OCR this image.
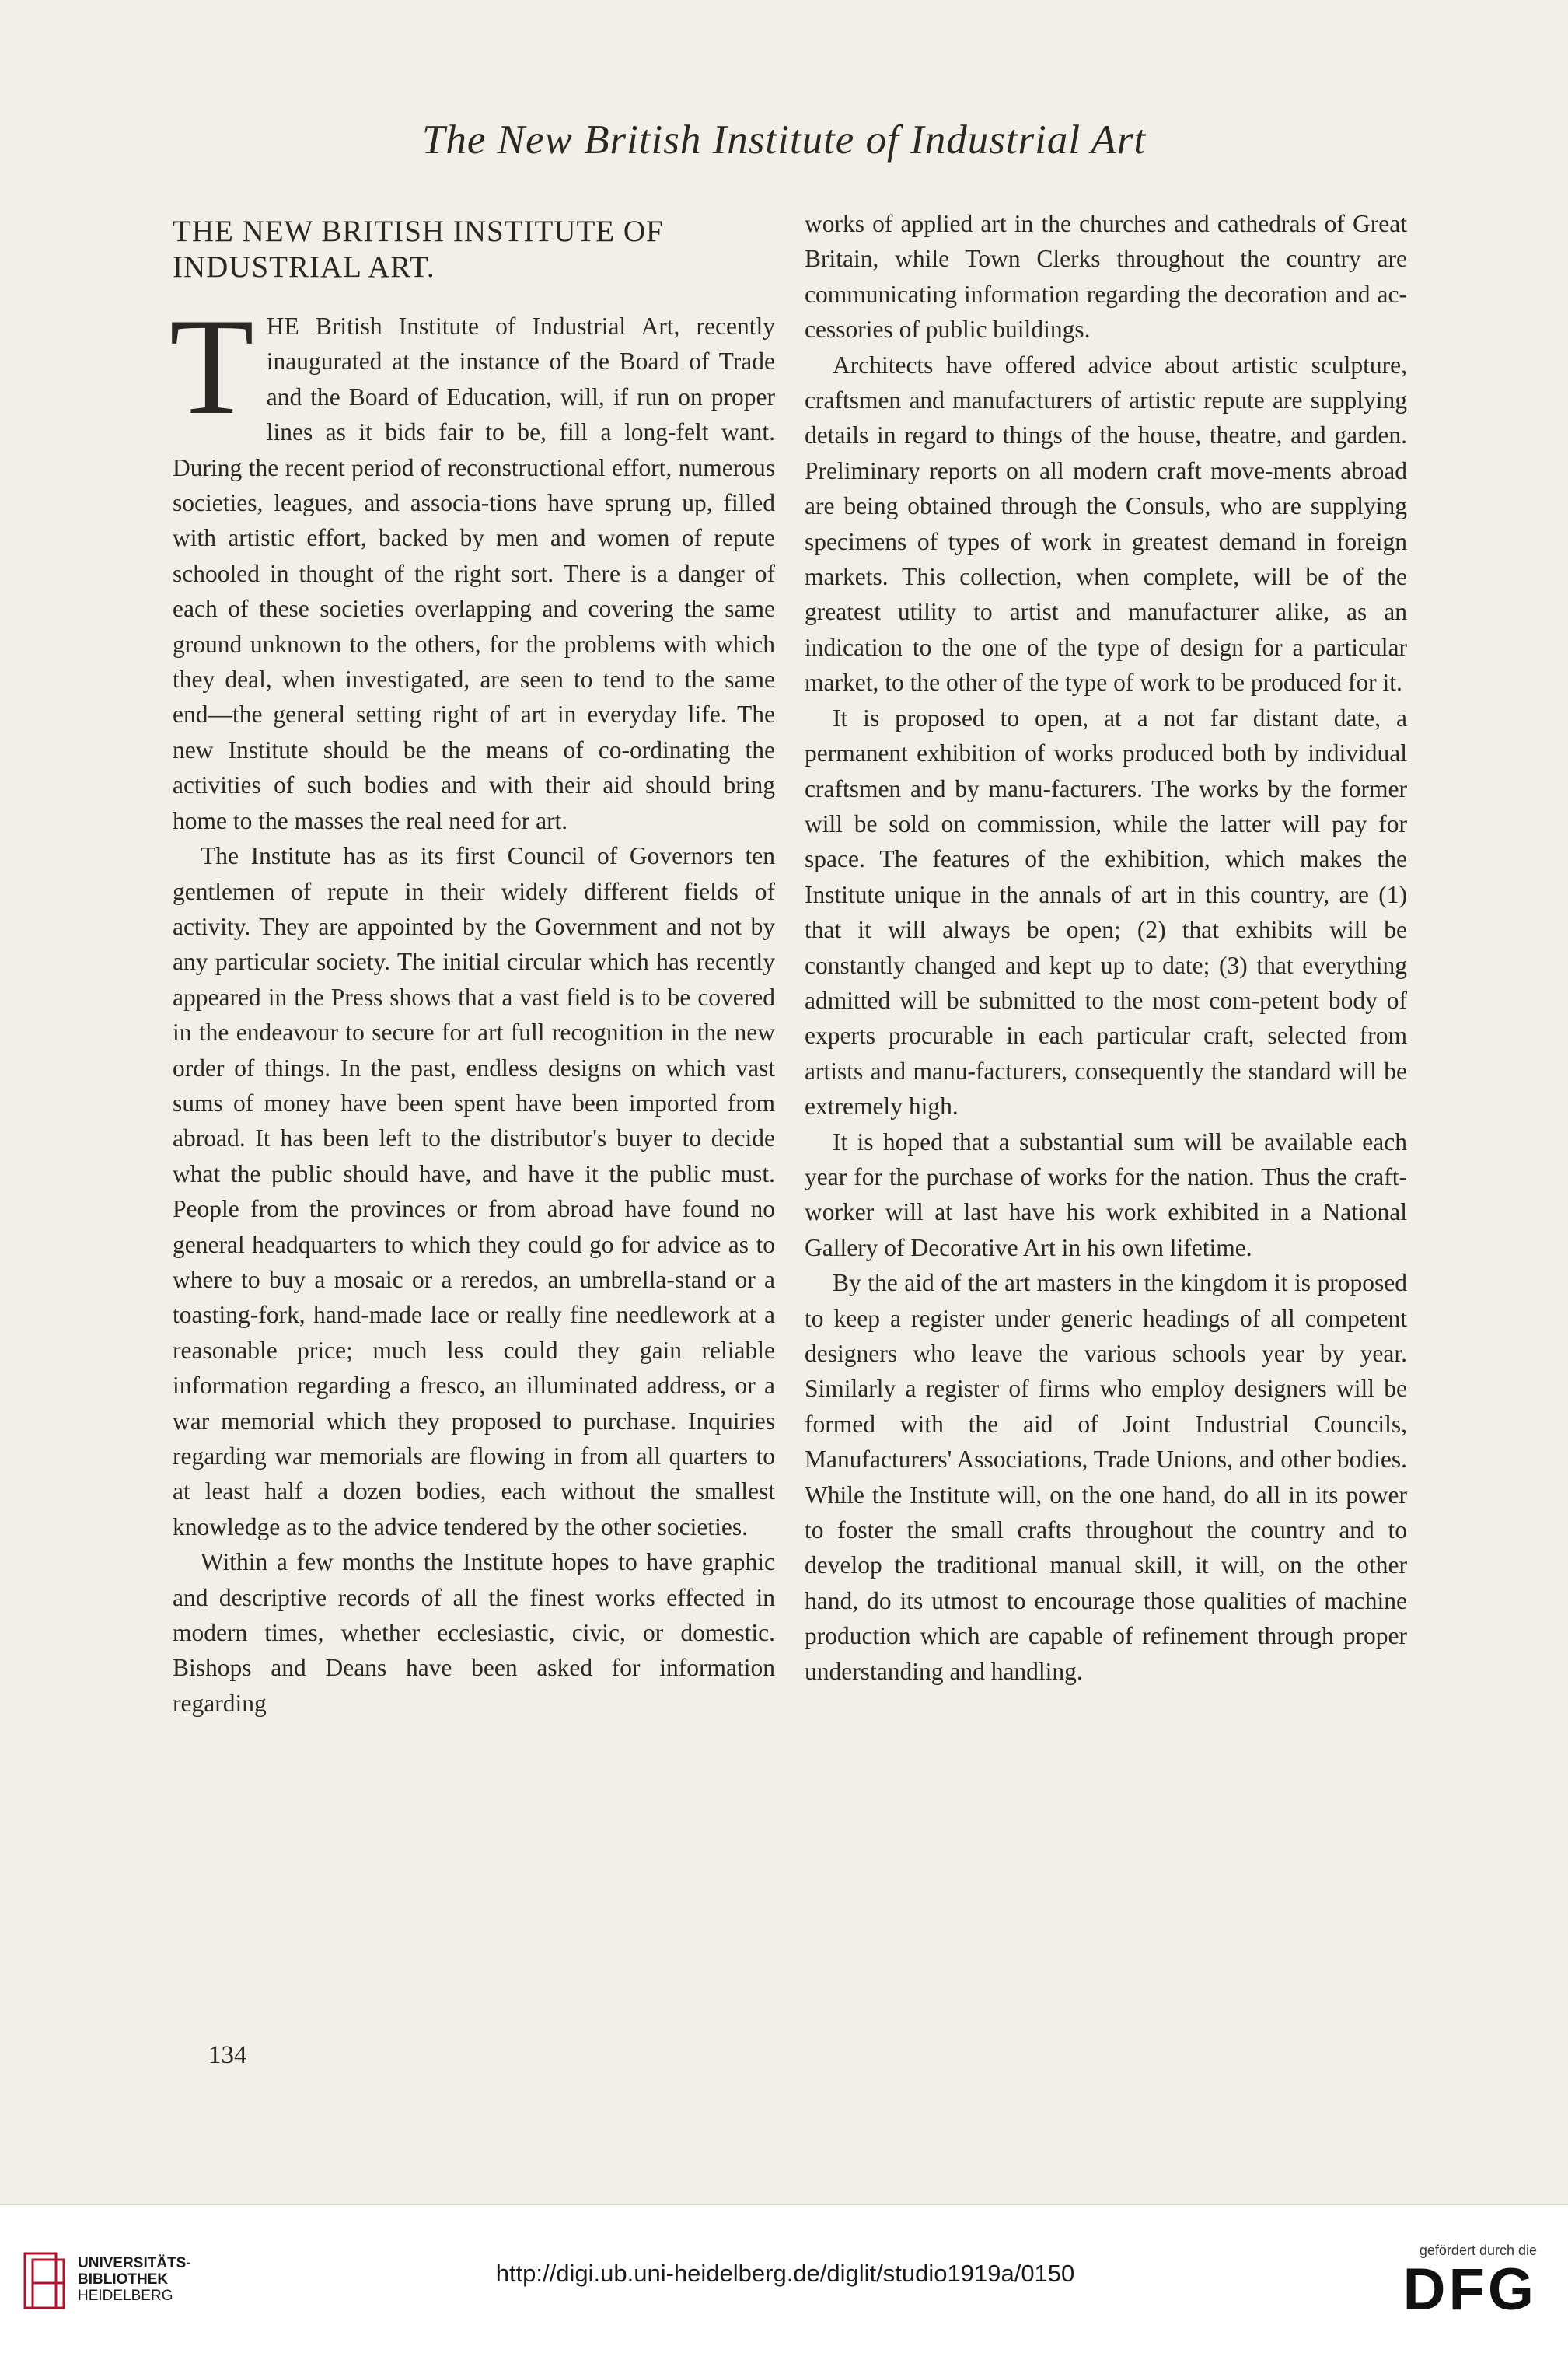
The New British Institute of Industrial Art
THE NEW BRITISH INSTITUTE OF INDUSTRIAL ART.

THE British Institute of Industrial Art, recently inaugurated at the instance of the Board of Trade and the Board of Education, will, if run on proper lines as it bids fair to be, fill a long-felt want. During the recent period of reconstructional effort, numerous societies, leagues, and associa-tions have sprung up, filled with artistic effort, backed by men and women of repute schooled in thought of the right sort. There is a danger of each of these societies overlapping and covering the same ground unknown to the others, for the problems with which they deal, when investigated, are seen to tend to the same end—the general setting right of art in everyday life. The new Institute should be the means of co-ordinating the activities of such bodies and with their aid should bring home to the masses the real need for art.

The Institute has as its first Council of Governors ten gentlemen of repute in their widely different fields of activity. They are appointed by the Government and not by any particular society. The initial circular which has recently appeared in the Press shows that a vast field is to be covered in the endeavour to secure for art full recognition in the new order of things. In the past, endless designs on which vast sums of money have been spent have been imported from abroad. It has been left to the distributor's buyer to decide what the public should have, and have it the public must. People from the provinces or from abroad have found no general headquarters to which they could go for advice as to where to buy a mosaic or a reredos, an umbrella-stand or a toasting-fork, hand-made lace or really fine needlework at a reasonable price; much less could they gain reliable information regarding a fresco, an illuminated address, or a war memorial which they proposed to purchase. Inquiries regarding war memorials are flowing in from all quarters to at least half a dozen bodies, each without the smallest knowledge as to the advice tendered by the other societies.

Within a few months the Institute hopes to have graphic and descriptive records of all the finest works effected in modern times, whether ecclesiastic, civic, or domestic. Bishops and Deans have been asked for information regarding

works of applied art in the churches and cathedrals of Great Britain, while Town Clerks throughout the country are communicating information regarding the decoration and ac-cessories of public buildings.

Architects have offered advice about artistic sculpture, craftsmen and manufacturers of artistic repute are supplying details in regard to things of the house, theatre, and garden. Preliminary reports on all modern craft move-ments abroad are being obtained through the Consuls, who are supplying specimens of types of work in greatest demand in foreign markets. This collection, when complete, will be of the greatest utility to artist and manufacturer alike, as an indication to the one of the type of design for a particular market, to the other of the type of work to be produced for it.

It is proposed to open, at a not far distant date, a permanent exhibition of works produced both by individual craftsmen and by manu-facturers. The works by the former will be sold on commission, while the latter will pay for space. The features of the exhibition, which makes the Institute unique in the annals of art in this country, are (1) that it will always be open; (2) that exhibits will be constantly changed and kept up to date; (3) that everything admitted will be submitted to the most com-petent body of experts procurable in each particular craft, selected from artists and manu-facturers, consequently the standard will be extremely high.

It is hoped that a substantial sum will be available each year for the purchase of works for the nation. Thus the craft-worker will at last have his work exhibited in a National Gallery of Decorative Art in his own lifetime.

By the aid of the art masters in the kingdom it is proposed to keep a register under generic headings of all competent designers who leave the various schools year by year. Similarly a register of firms who employ designers will be formed with the aid of Joint Industrial Councils, Manufacturers' Associations, Trade Unions, and other bodies. While the Institute will, on the one hand, do all in its power to foster the small crafts throughout the country and to develop the traditional manual skill, it will, on the other hand, do its utmost to encourage those qualities of machine production which are capable of refinement through proper understanding and handling.

134
UNIVERSITÄTS-
BIBLIOTHEK
HEIDELBERG
http://digi.ub.uni-heidelberg.de/diglit/studio1919a/0150
gefördert durch die
DFG
